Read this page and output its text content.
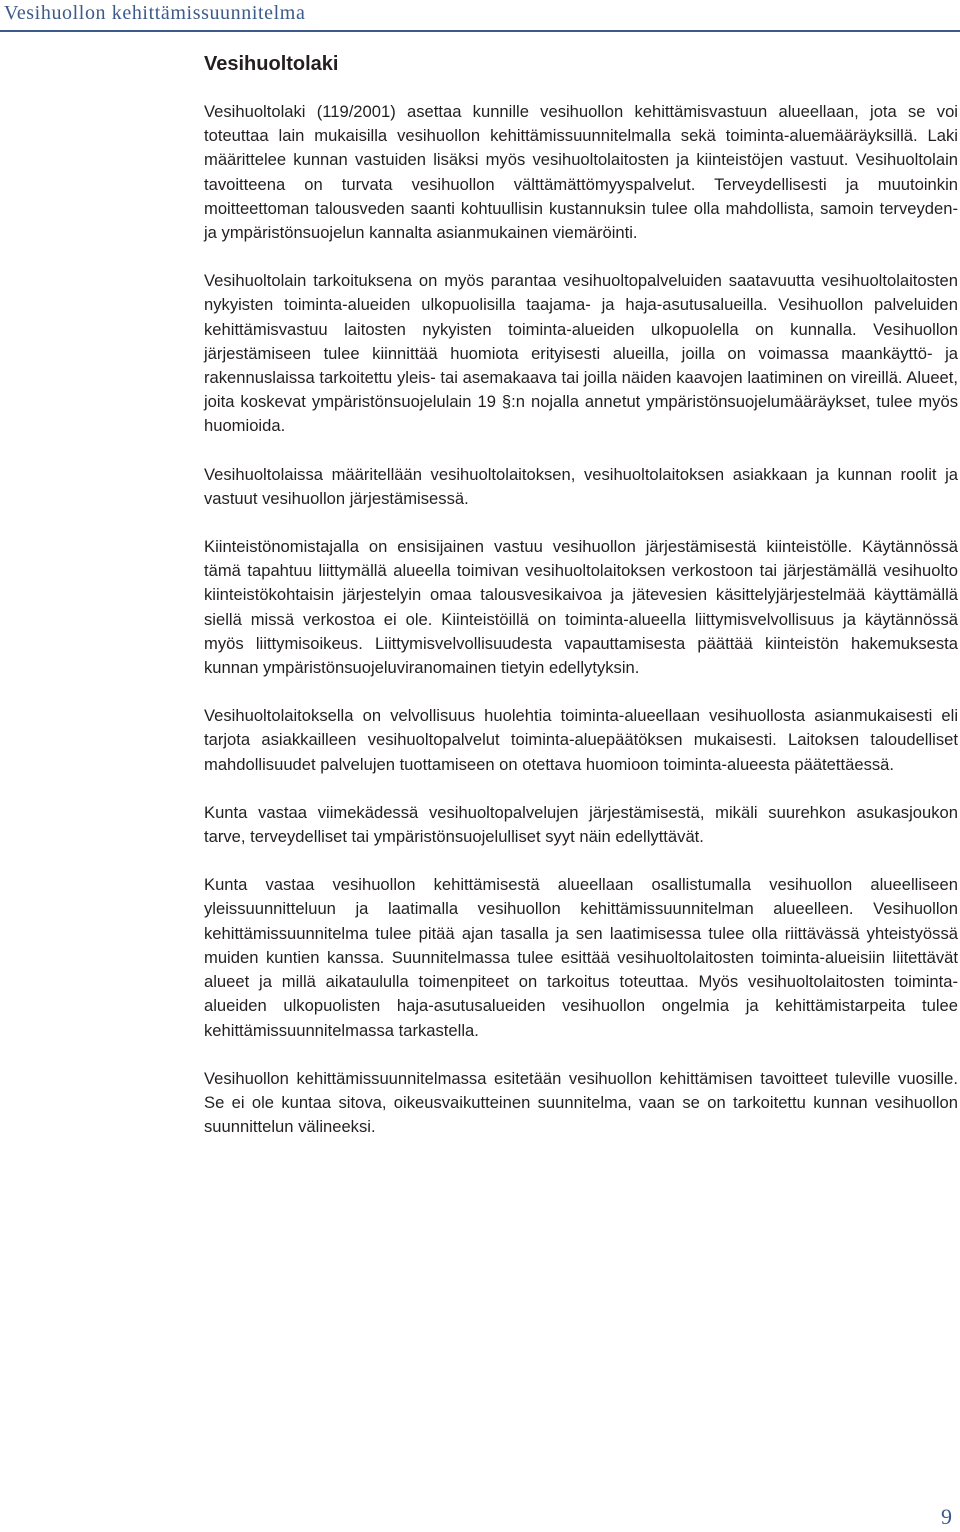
Vesihuollon kehittämissuunnitelma
Vesihuoltolaki

Vesihuoltolaki (119/2001) asettaa kunnille vesihuollon kehittämisvastuun alueellaan, jota se voi toteuttaa lain mukaisilla vesihuollon kehittämissuunnitelmalla sekä toiminta-aluemääräyksillä. Laki määrittelee kunnan vastuiden lisäksi myös vesihuoltolaitosten ja kiinteistöjen vastuut. Vesihuoltolain tavoitteena on turvata vesihuollon välttämättömyyspalvelut. Terveydellisesti ja muutoinkin moitteettoman talousveden saanti kohtuullisin kustannuksin tulee olla mahdollista, samoin terveyden- ja ympäristönsuojelun kannalta asianmukainen viemäröinti.

Vesihuoltolain tarkoituksena on myös parantaa vesihuoltopalveluiden saatavuutta vesihuoltolaitosten nykyisten toiminta-alueiden ulkopuolisilla taajama- ja haja-asutusalueilla. Vesihuollon palveluiden kehittämisvastuu laitosten nykyisten toiminta-alueiden ulkopuolella on kunnalla. Vesihuollon järjestämiseen tulee kiinnittää huomiota erityisesti alueilla, joilla on voimassa maankäyttö- ja rakennuslaissa tarkoitettu yleis- tai asemakaava tai joilla näiden kaavojen laatiminen on vireillä. Alueet, joita koskevat ympäristönsuojelulain 19 §:n nojalla annetut ympäristönsuojelumääräykset, tulee myös huomioida.

Vesihuoltolaissa määritellään vesihuoltolaitoksen, vesihuoltolaitoksen asiakkaan ja kunnan roolit ja vastuut vesihuollon järjestämisessä.

Kiinteistönomistajalla on ensisijainen vastuu vesihuollon järjestämisestä kiinteistölle. Käytännössä tämä tapahtuu liittymällä alueella toimivan vesihuoltolaitoksen verkostoon tai järjestämällä vesihuolto kiinteistökohtaisin järjestelyin omaa talousvesikaivoa ja jätevesien käsittelyjärjestelmää käyttämällä siellä missä verkostoa ei ole. Kiinteistöillä on toiminta-alueella liittymisvelvollisuus ja käytännössä myös liittymisoikeus. Liittymisvelvollisuudesta vapauttamisesta päättää kiinteistön hakemuksesta kunnan ympäristönsuojeluviranomainen tietyin edellytyksin.

Vesihuoltolaitoksella on velvollisuus huolehtia toiminta-alueellaan vesihuollosta asianmukaisesti eli tarjota asiakkailleen vesihuoltopalvelut toiminta-aluepäätöksen mukaisesti. Laitoksen taloudelliset mahdollisuudet palvelujen tuottamiseen on otettava huomioon toiminta-alueesta päätettäessä.

Kunta vastaa viimekädessä vesihuoltopalvelujen järjestämisestä, mikäli suurehkon asukasjoukon tarve, terveydelliset tai ympäristönsuojelulliset syyt näin edellyttävät.

Kunta vastaa vesihuollon kehittämisestä alueellaan osallistumalla vesihuollon alueelliseen yleissuunnitteluun ja laatimalla vesihuollon kehittämissuunnitelman alueelleen. Vesihuollon kehittämissuunnitelma tulee pitää ajan tasalla ja sen laatimisessa tulee olla riittävässä yhteistyössä muiden kuntien kanssa. Suunnitelmassa tulee esittää vesihuoltolaitosten toiminta-alueisiin liitettävät alueet ja millä aikataululla toimenpiteet on tarkoitus toteuttaa. Myös vesihuoltolaitosten toiminta-alueiden ulkopuolisten haja-asutusalueiden vesihuollon ongelmia ja kehittämistarpeita tulee kehittämissuunnitelmassa tarkastella.

Vesihuollon kehittämissuunnitelmassa esitetään vesihuollon kehittämisen tavoitteet tuleville vuosille. Se ei ole kuntaa sitova, oikeusvaikutteinen suunnitelma, vaan se on tarkoitettu kunnan vesihuollon suunnittelun välineeksi.

9
